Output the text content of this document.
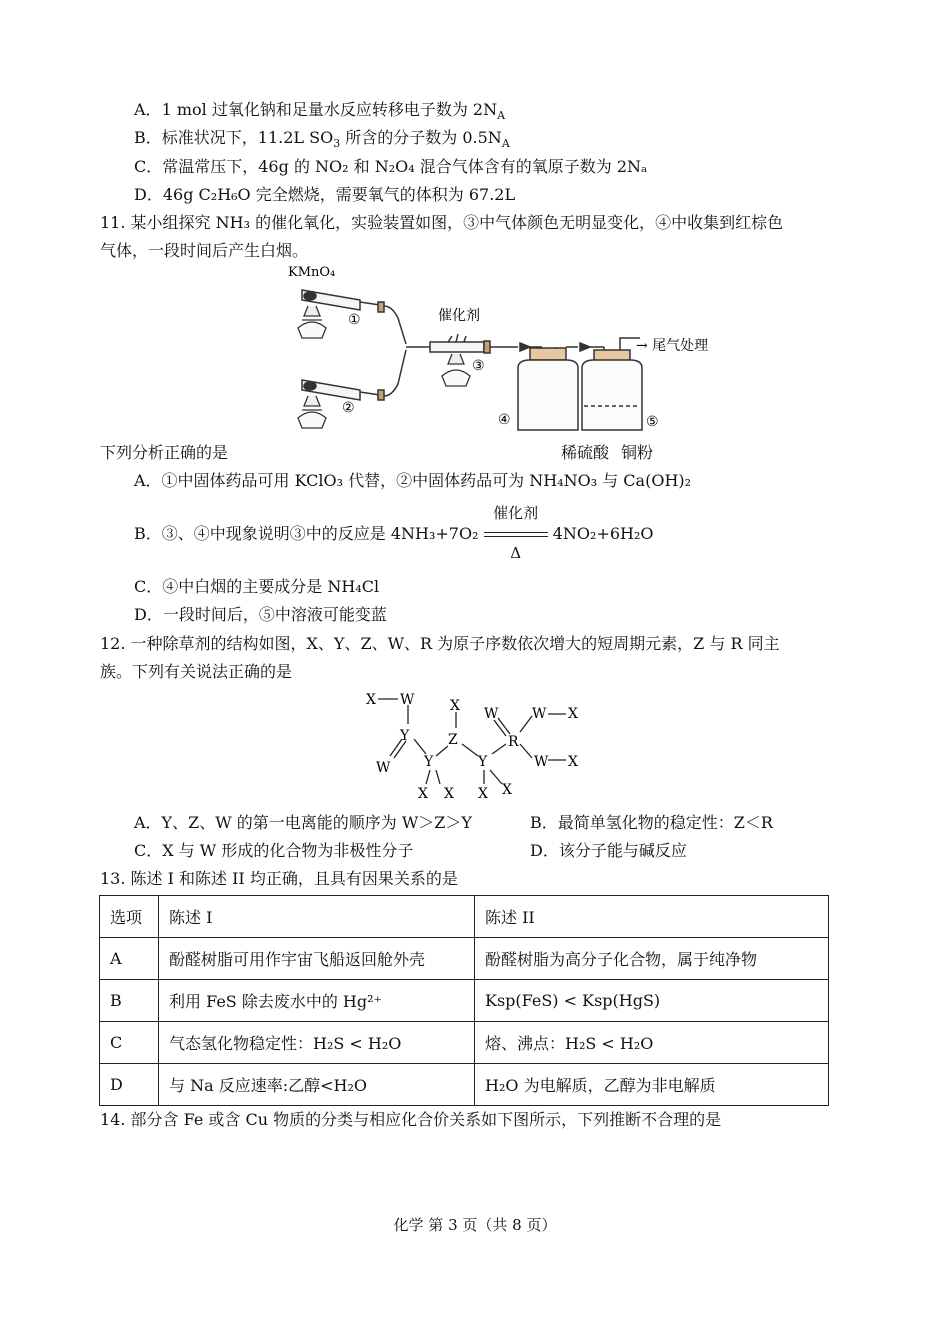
A．1 mol 过氧化钠和足量水反应转移电子数为 $2N_A$
B．标准状况下，11.2L $SO_3$ 所含的分子数为 $0.5N_A$
C．常温常压下，46g 的 NO₂ 和 N₂O₄ 混合气体含有的氧原子数为 2Nₐ
D．46g C₂H₆O 完全燃烧，需要氧气的体积为 67.2L
11. 某小组探究 NH₃ 的催化氧化，实验装置如图，③中气体颜色无明显变化，④中收集到红棕色
气体，一段时间后产生白烟。
KMnO₄
①
②
催化剂
③
④	⑤
→ 尾气处理
下列分析正确的是	稀硫酸 铜粉
A．①中固体药品可用 KClO₃ 代替，②中固体药品可为 NH₄NO₃ 与 Ca(OH)₂
B．③、④中现象说明③中的反应是 4NH₃+7O₂
催化剂
Δ
4NO₂+6H₂O
C．④中白烟的主要成分是 NH₄Cl
D．一段时间后，⑤中溶液可能变蓝
12. 一种除草剂的结构如图，X、Y、Z、W、R 为原子序数依次增大的短周期元素，Z 与 R 同主
族。下列有关说法正确的是
X W
Y
W Y
X
Z
Y
W
R
W X
W X
X X X X
A．Y、Z、W 的第一电离能的顺序为 W＞Z＞Y	B．最简单氢化物的稳定性：Z＜R
C．X 与 W 形成的化合物为非极性分子	D．该分子能与碱反应
13. 陈述 I 和陈述 II 均正确，且具有因果关系的是
选项	陈述 I	陈述 II
A	酚醛树脂可用作宇宙飞船返回舱外壳	酚醛树脂为高分子化合物，属于纯净物
B	利用 FeS 除去废水中的 Hg²⁺	Ksp(FeS) < Ksp(HgS)
C	气态氢化物稳定性：H₂S < H₂O	熔、沸点：H₂S < H₂O
D	与 Na 反应速率:乙醇<H₂O	H₂O 为电解质，乙醇为非电解质
14. 部分含 Fe 或含 Cu 物质的分类与相应化合价关系如下图所示，下列推断不合理的是
化学 第 3 页（共 8 页）
